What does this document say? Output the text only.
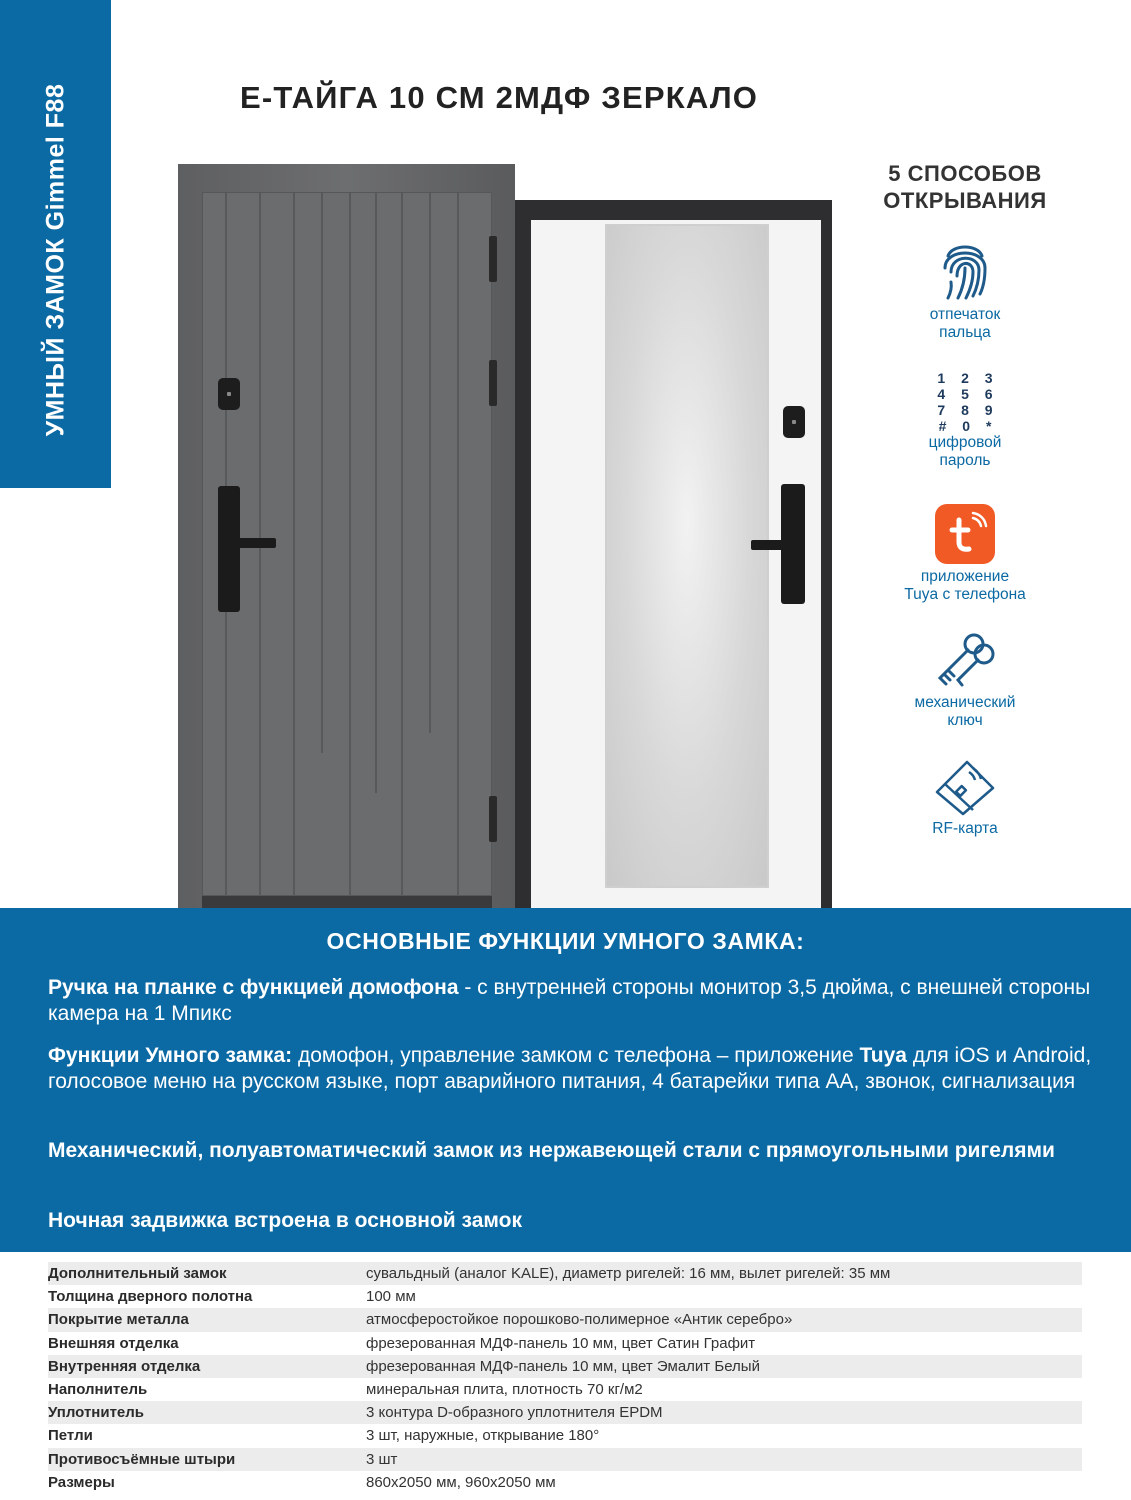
УМНЫЙ ЗАМОК Gimmel F88	Е-ТАЙГА 10 СМ 2МДФ ЗЕРКАЛО
5 СПОСОБОВ
ОТКРЫВАНИЯ
отпечаток
пальца
1 2 3
4 5 6
7 8 9
# 0 *
цифровой
пароль
приложение
Tuya с телефона
механический
ключ
RF-карта
ОСНОВНЫЕ ФУНКЦИИ УМНОГО ЗАМКА:

Ручка на планке с функцией домофона - с внутренней стороны монитор 3,5 дюйма, с внешней стороны камера на 1 Мпикс

Функции Умного замка: домофон, управление замком с телефона – приложение Tuya для iOS и Android, голосовое меню на русском языке, порт аварийного питания, 4 батарейки типа АА, звонок, сигнализация

Механический, полуавтоматический замок из нержавеющей стали с прямоугольными ригелями

Ночная задвижка встроена в основной замок

Дополнительный замок	сувальдный (аналог KALE), диаметр ригелей: 16 мм, вылет ригелей: 35 мм
Толщина дверного полотна	100 мм
Покрытие металла	атмосферостойкое порошково-полимерное «Антик серебро»
Внешняя отделка	фрезерованная МДФ-панель 10 мм, цвет Сатин Графит
Внутренняя отделка	фрезерованная МДФ-панель 10 мм, цвет Эмалит Белый
Наполнитель	минеральная плита, плотность 70 кг/м2
Уплотнитель	3 контура D-образного уплотнителя EPDM
Петли	3 шт, наружные, открывание 180°
Противосъёмные штыри	3 шт
Размеры	860х2050 мм, 960х2050 мм
